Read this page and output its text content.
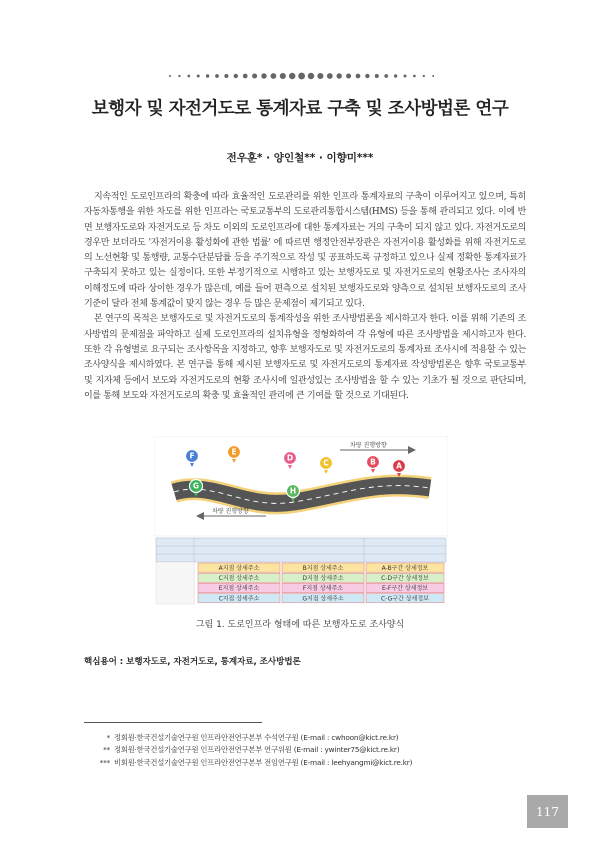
보행자 및 자전거도로 통계자료 구축 및 조사방법론 연구
전우훈* · 양인철** · 이향미***

지속적인 도로인프라의 확충에 따라 효율적인 도로관리를 위한 인프라 통계자료의 구축이 이루어지고 있으며, 특히 자동차통행을 위한 차도를 위한 인프라는 국토교통부의 도로관리통합시스템(HMS) 등을 통해 관리되고 있다. 이에 반면 보행자도로와 자전거도로 등 차도 이외의 도로인프라에 대한 통계자료는 거의 구축이 되지 않고 있다. 자전거도로의 경우만 보더라도 '자전거이용 활성화에 관한 법률' 에 따르면 행정안전부장관은 자전거이용 활성화를 위해 자전거도로의 노선현황 및 통행량, 교통수단분담률 등을 주기적으로 작성 및 공표하도록 규정하고 있으나 실제 정확한 통계자료가 구축되지 못하고 있는 실정이다. 또한 부정기적으로 시행하고 있는 보행자도로 및 자전거도로의 현황조사는 조사자의 이해정도에 따라 상이한 경우가 많은데, 예를 들어 편측으로 설치된 보행자도로와 양측으로 설치된 보행자도로의 조사기준이 달라 전체 통계값이 맞지 않는 경우 등 많은 문제점이 제기되고 있다.

본 연구의 목적은 보행자도로 및 자전거도로의 통계작성을 위한 조사방법론을 제시하고자 한다. 이를 위해 기존의 조사방법의 문제점을 파악하고 실제 도로인프라의 설치유형을 정형화하여 각 유형에 따른 조사방법을 제시하고자 한다. 또한 각 유형별로 요구되는 조사항목을 지정하고, 향후 보행자도로 및 자전거도로의 통계자료 조사시에 적용할 수 있는 조사양식을 제시하였다. 본 연구를 통해 제시된 보행자도로 및 자전거도로의 통계자료 작성방법론은 향후 국토교통부 및 지자체 등에서 보도와 자전거도로의 현황 조사시에 일관성있는 조사방법을 할 수 있는 기초가 될 것으로 판단되며, 이를 통해 보도와 자전거도로의 확충 및 효율적인 관리에 큰 기여를 할 것으로 기대된다.

차량 진행방향
차량 진행방향
F	E
D
C	B	A
G
H
A지점 상세주소	B지점 상세주소	A-B구간 상세정보
C지점 상세주소	D지점 상세주소	C-D구간 상세정보
E지점 상세주소	F지점 상세주소	E-F구간 상세정보
C지점 상세주소	G지점 상세주소	C-G구간 상세정보
그림 1. 도로인프라 형태에 따른 보행자도로 조사양식
핵심용어 : 보행자도로, 자전거도로, 통계자료, 조사방법론
* 정회원·한국건설기술연구원 인프라안전연구본부 수석연구원 (E-mail : cwhoon@kict.re.kr)
** 정회원·한국건설기술연구원 인프라안전연구본부 연구위원 (E-mail : ywinter75@kict.re.kr)
*** 비회원·한국건설기술연구원 인프라안전연구본부 전임연구원 (E-mail : leehyangmi@kict.re.kr)
117
